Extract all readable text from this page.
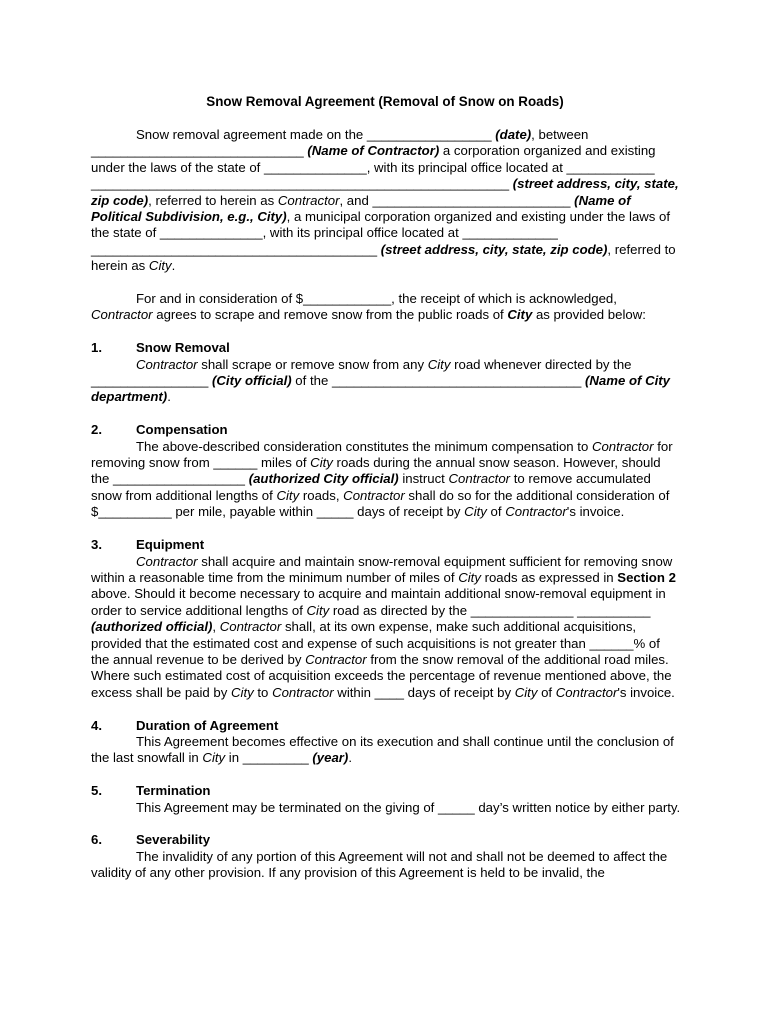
Snow Removal Agreement (Removal of Snow on Roads)

Snow removal agreement made on the _________________ (date), between _____________________________ (Name of Contractor) a corporation organized and existing under the laws of the state of ______________, with its principal office located at ____________ _________________________________________________________ (street address, city, state, zip code), referred to herein as Contractor, and ___________________________ (Name of Political Subdivision, e.g., City), a municipal corporation organized and existing under the laws of the state of ______________, with its principal office located at _____________ _______________________________________ (street address, city, state, zip code), referred to herein as City.

For and in consideration of $____________, the receipt of which is acknowledged, Contractor agrees to scrape and remove snow from the public roads of City as provided below:

1.	Snow Removal

Contractor shall scrape or remove snow from any City road whenever directed by the ________________ (City official) of the __________________________________ (Name of City department).

2.	Compensation

The above-described consideration constitutes the minimum compensation to Contractor for removing snow from ______ miles of City roads during the annual snow season. However, should the __________________ (authorized City official) instruct Contractor to remove accumulated snow from additional lengths of City roads, Contractor shall do so for the additional consideration of $__________ per mile, payable within _____ days of receipt by City of Contractor's invoice.

3.	Equipment

Contractor shall acquire and maintain snow-removal equipment sufficient for removing snow within a reasonable time from the minimum number of miles of City roads as expressed in Section 2 above. Should it become necessary to acquire and maintain additional snow-removal equipment in order to service additional lengths of City road as directed by the ______________ __________ (authorized official), Contractor shall, at its own expense, make such additional acquisitions, provided that the estimated cost and expense of such acquisitions is not greater than ______% of the annual revenue to be derived by Contractor from the snow removal of the additional road miles. Where such estimated cost of acquisition exceeds the percentage of revenue mentioned above, the excess shall be paid by City to Contractor within ____ days of receipt by City of Contractor's invoice.

4.	Duration of Agreement

This Agreement becomes effective on its execution and shall continue until the conclusion of the last snowfall in City in _________ (year).

5.	Termination

This Agreement may be terminated on the giving of _____ day’s written notice by either party.

6.	Severability

The invalidity of any portion of this Agreement will not and shall not be deemed to affect the validity of any other provision. If any provision of this Agreement is held to be invalid, the
